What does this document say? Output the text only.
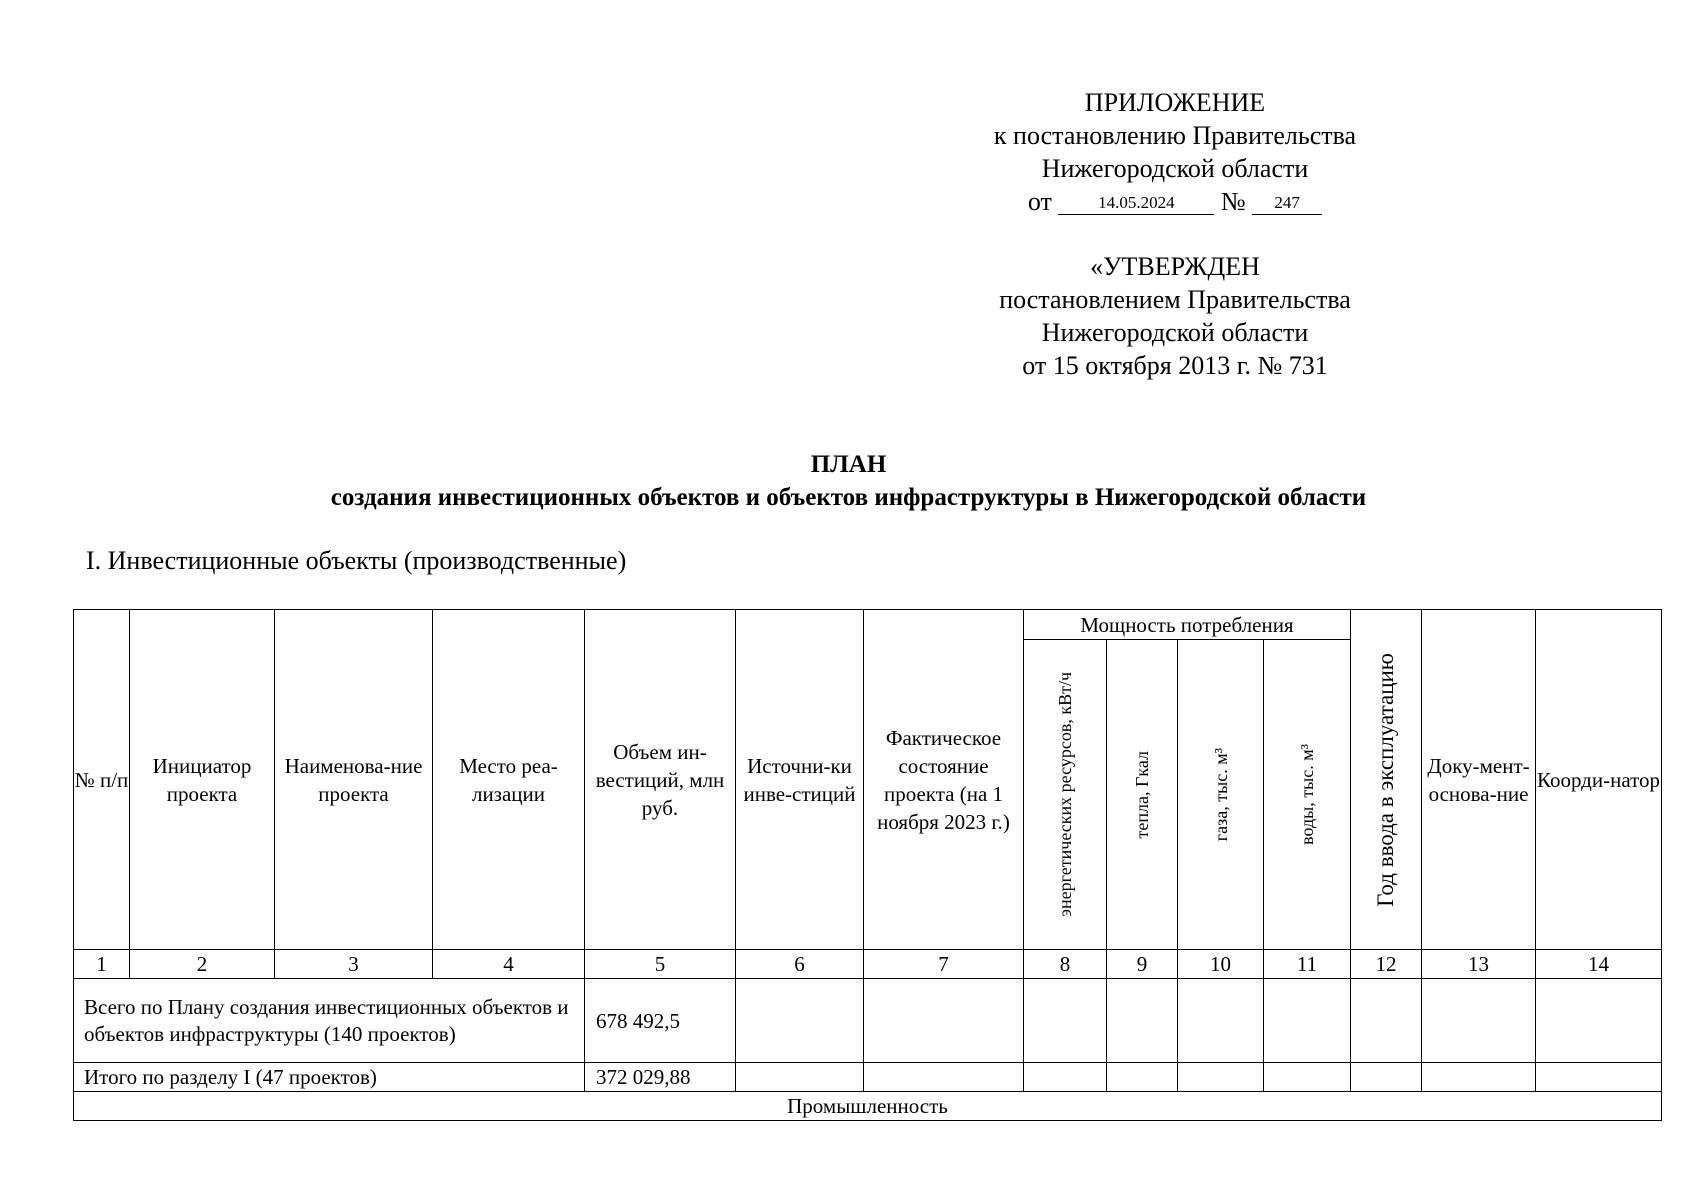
ПРИЛОЖЕНИЕ
к постановлению Правительства
Нижегородской области
от	14.05.2024 № 247
«УТВЕРЖДЕН
постановлением Правительства
Нижегородской области
от 15 октября 2013 г. № 731
ПЛАН
создания инвестиционных объектов и объектов инфраструктуры в Нижегородской области
I. Инвестиционные объекты (производственные)
№ п/п	Инициатор проекта	Наименова-ние проекта	Место реа-лизации	Объем ин-вестиций, млн руб.	Источни-ки инве-стиций	Фактическое состояние проекта (на 1 ноября 2023 г.)	Мощность потребления				Год ввода в эксплуатацию	Доку-мент-основа-ние	Коорди-натор

							энергетических ресурсов, кВт/ч	тепла, Гкал	газа, тыс. м³	воды, тыс. м³			

1	2	3	4	5	6	7	8	9	10	11	12	13	14
Всего по Плану создания инвестиционных объектов и объектов инфраструктуры (140 проектов)				678 492,5									
Итого по разделу I (47 проектов)				372 029,88									
Промышленность													
